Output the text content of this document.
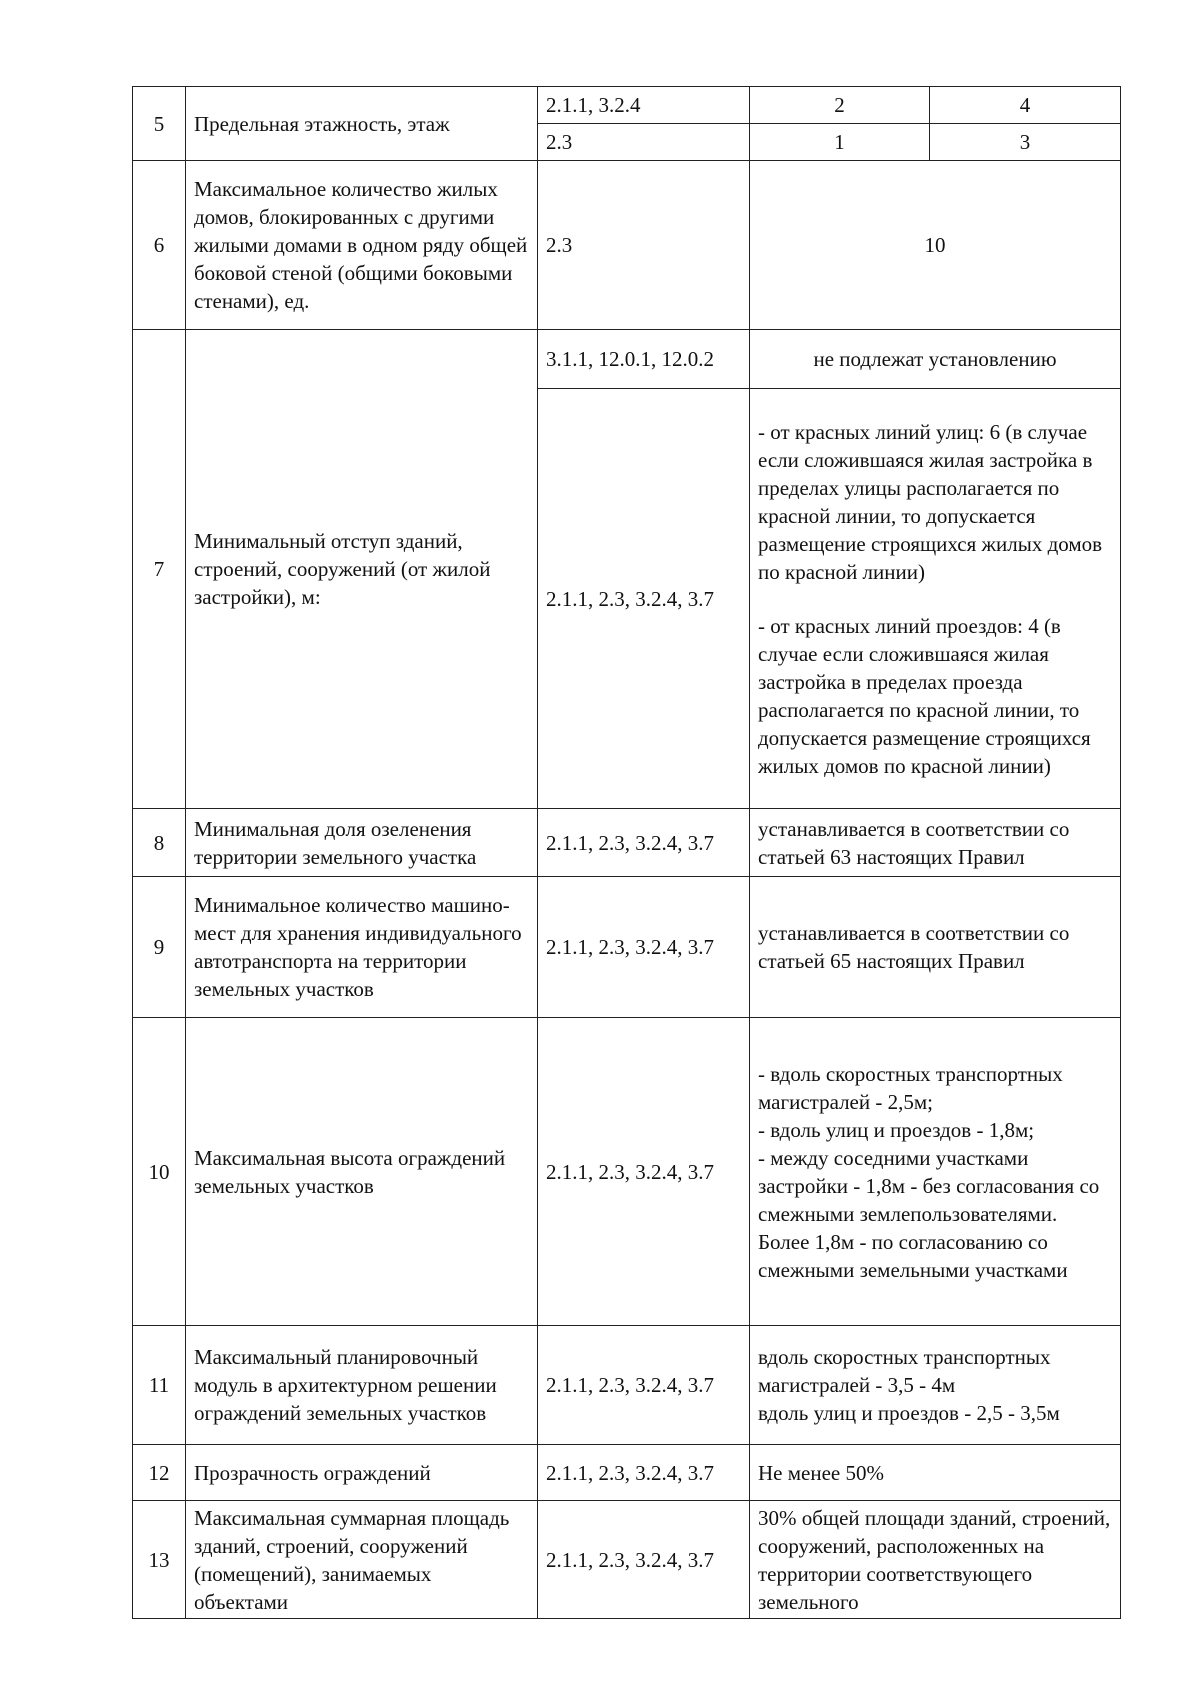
5	Предельная этажность, этаж	2.1.1, 3.2.4	2	4
		2.3	1	3
6	Максимальное количество жилых домов, блокированных с другими жилыми домами в одном ряду общей боковой стеной (общими боковыми стенами), ед.	2.3	10	
7	Минимальный отступ зданий, строений, сооружений (от жилой застройки), м:	3.1.1, 12.0.1, 12.0.2	не подлежат установлению	
		2.1.1, 2.3, 3.2.4, 3.7	- от красных линий улиц: 6 (в случае если сложившаяся жилая застройка в пределах улицы располагается по красной линии, то допускается размещение строящихся жилых домов по красной линии)
- от красных линий проездов: 4 (в случае если сложившаяся жилая застройка в пределах проезда располагается по красной линии, то допускается размещение строящихся жилых домов по красной линии)	

8	Минимальная доля озеленения территории земельного участка	2.1.1, 2.3, 3.2.4, 3.7	устанавливается в соответствии со статьей 63 настоящих Правил	
9	Минимальное количество машино-мест для хранения индивидуального автотранспорта на территории земельных участков	2.1.1, 2.3, 3.2.4, 3.7	устанавливается в соответствии со статьей 65 настоящих Правил	
10	Максимальная высота ограждений земельных участков	2.1.1, 2.3, 3.2.4, 3.7	- вдоль скоростных транспортных магистралей - 2,5м;
- вдоль улиц и проездов - 1,8м;
- между соседними участками застройки - 1,8м - без согласования со смежными землепользователями. Более 1,8м - по согласованию со смежными земельными участками	

11	Максимальный планировочный модуль в архитектурном решении ограждений земельных участков	2.1.1, 2.3, 3.2.4, 3.7	вдоль скоростных транспортных магистралей - 3,5 - 4м
вдоль улиц и проездов - 2,5 - 3,5м	

12	Прозрачность ограждений	2.1.1, 2.3, 3.2.4, 3.7	Не менее 50%	
13	Максимальная суммарная площадь зданий, строений, сооружений (помещений), занимаемых объектами	2.1.1, 2.3, 3.2.4, 3.7	30% общей площади зданий, строений, сооружений, расположенных на территории соответствующего земельного	
